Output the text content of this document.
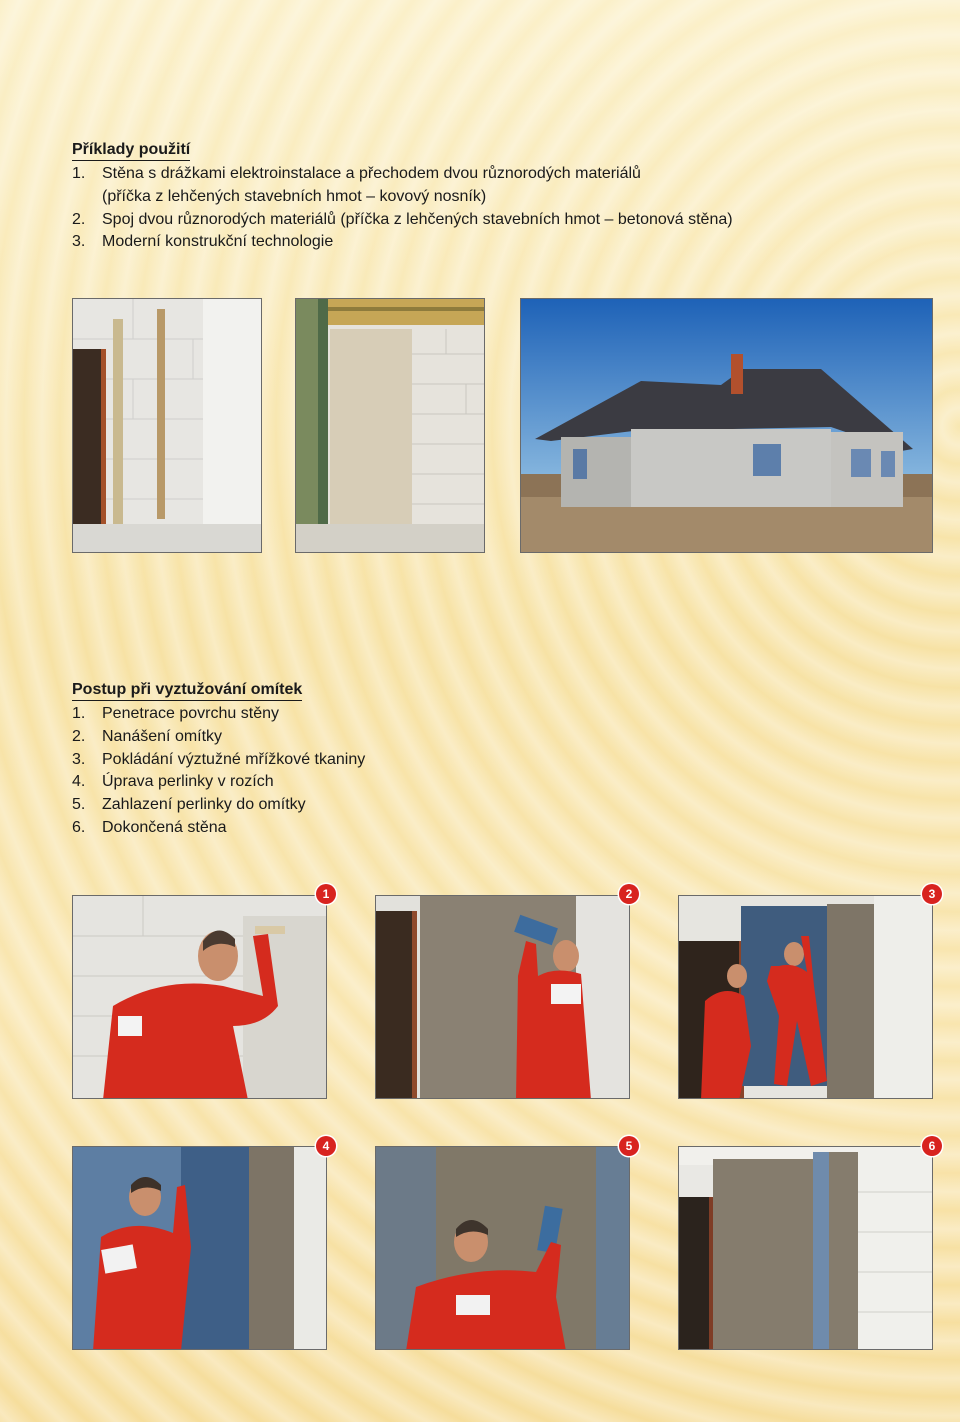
Příklady použití
1.	Stěna s drážkami elektroinstalace a přechodem dvou různorodých materiálů
(příčka z lehčených stavebních hmot – kovový nosník)
2.	Spoj dvou různorodých materiálů (příčka z lehčených stavebních hmot – betonová stěna)
3.	Moderní konstrukční technologie
Postup při vyztužování omítek
1.	Penetrace povrchu stěny
2.	Nanášení omítky
3.	Pokládání výztužné mřížkové tkaniny
4.	Úprava perlinky v rozích
5.	Zahlazení perlinky do omítky
6.	Dokončená stěna
1	2	3
4	5	6
